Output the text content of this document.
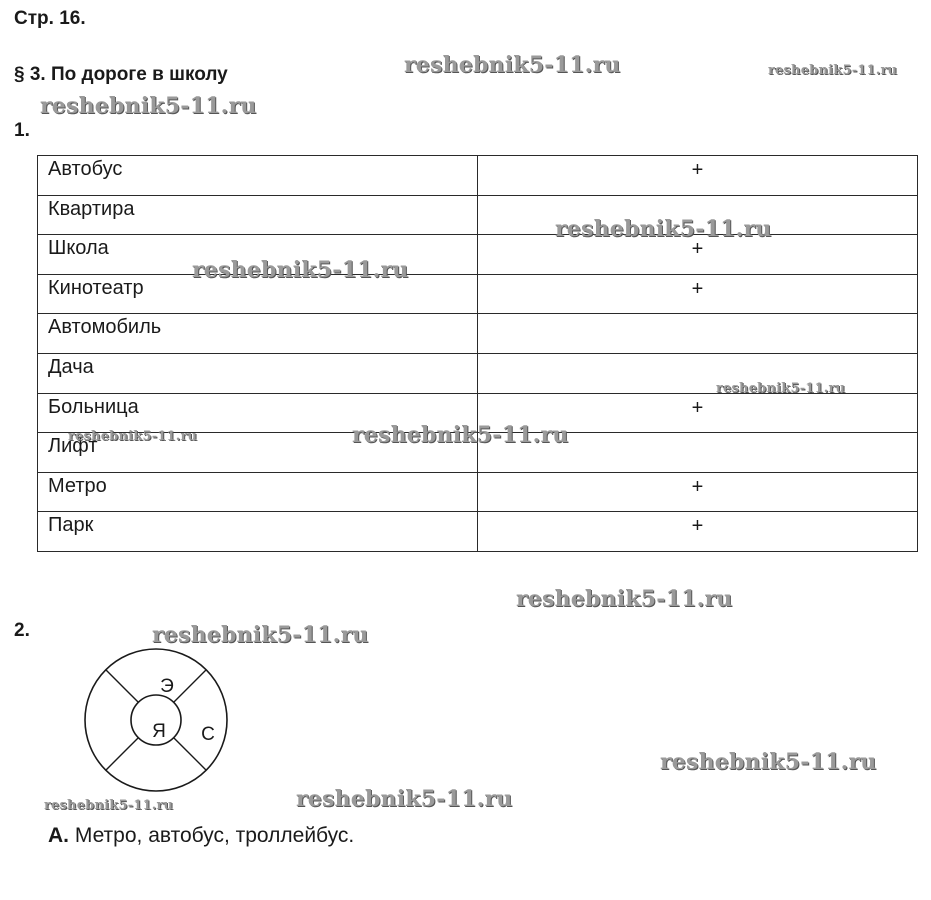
Стр. 16.
§ 3. По дороге в школу
1.
Автобус	+
Квартира	
Школа	+
Кинотеатр	+
Автомобиль	
Дача	
Больница	+
Лифт	
Метро	+
Парк	+
2.
Я
Э
С
А. Метро, автобус, троллейбус.
reshebnik5-11.ru	reshebnik5-11.ru
reshebnik5-11.ru
reshebnik5-11.ru
reshebnik5-11.ru
reshebnik5-11.ru
reshebnik5-11.ru
reshebnik5-11.ru
reshebnik5-11.ru
reshebnik5-11.ru
reshebnik5-11.ru
reshebnik5-11.ru
reshebnik5-11.ru
